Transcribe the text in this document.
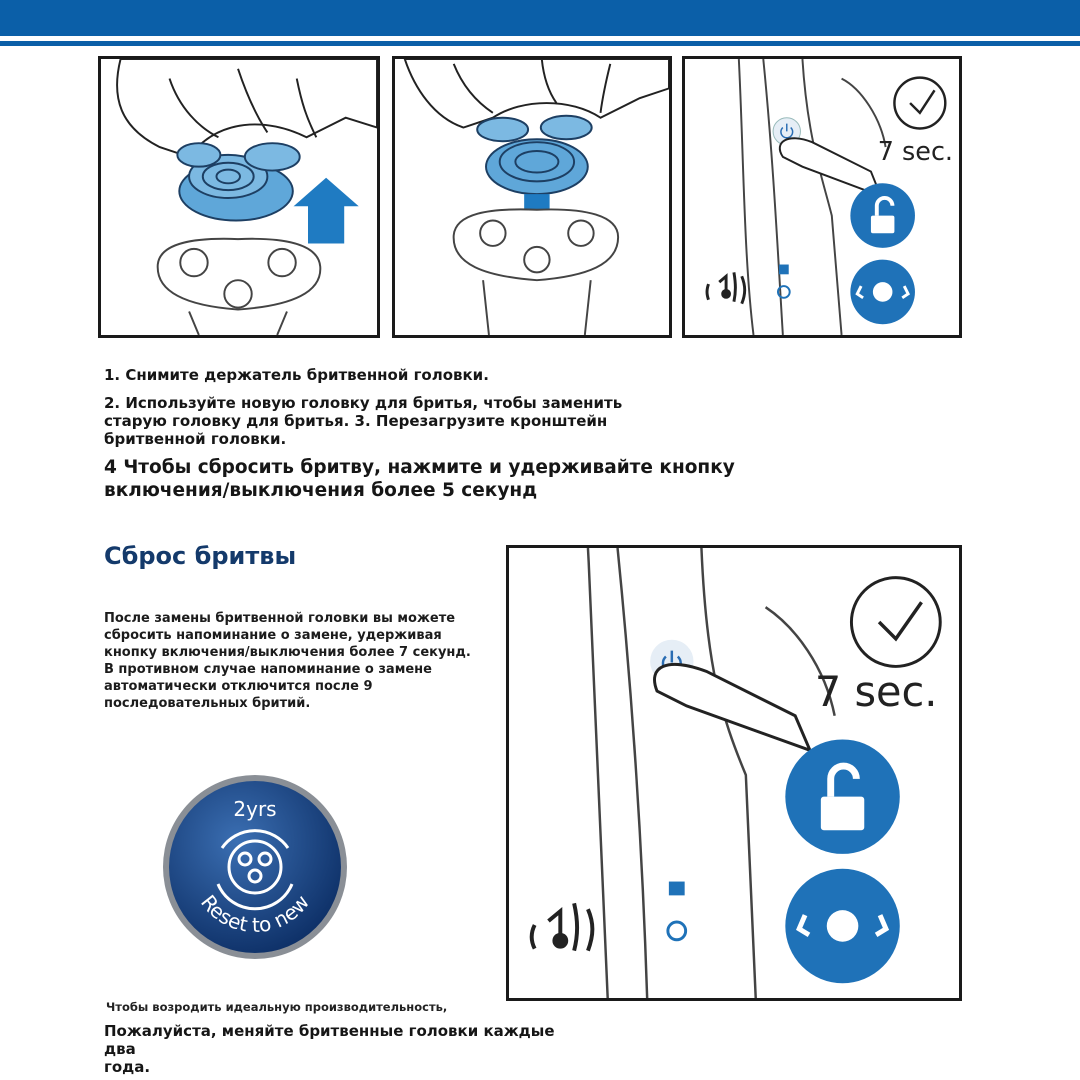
7 sec.
1. Снимите держатель бритвенной головки.
2. Используйте новую головку для бритья, чтобы заменить
старую головку для бритья. 3. Перезагрузите кронштейн
бритвенной головки.
4 Чтобы сбросить бритву, нажмите и удерживайте кнопку
включения/выключения более 5 секунд
Сброс бритвы
После замены бритвенной головки вы можете
сбросить напоминание о замене, удерживая
кнопку включения/выключения более 7 секунд.
В противном случае напоминание о замене
автоматически отключится после 9
последовательных бритий.
2yrs
Reset to new
7 sec.
Чтобы возродить идеальную производительность,
Пожалуйста, меняйте бритвенные головки каждые два
года.
